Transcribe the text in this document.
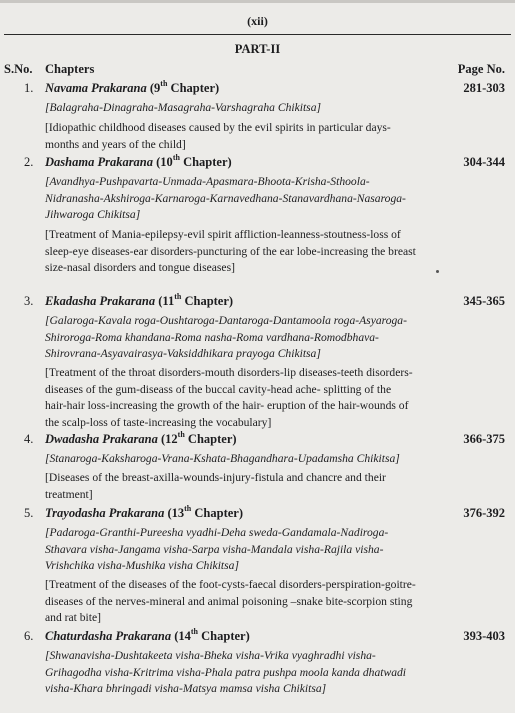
(xii)
PART-II
S.No. Chapters	Page No.
1. Navama Prakarana (9th Chapter)	281-303
[Balagraha-Dinagraha-Masagraha-Varshagraha Chikitsa]
[Idiopathic childhood diseases caused by the evil spirits in particular days-
months and years of the child]
2. Dashama Prakarana (10th Chapter)	304-344
[Avandhya-Pushpavarta-Unmada-Apasmara-Bhoota-Krisha-Sthoola-
Nidranasha-Akshiroga-Karnaroga-Karnavedhana-Stanavardhana-Nasaroga-
Jihwaroga Chikitsa]
[Treatment of Mania-epilepsy-evil spirit affliction-leanness-stoutness-loss of
sleep-eye diseases-ear disorders-puncturing of the ear lobe-increasing the breast
size-nasal disorders and tongue diseases]
3. Ekadasha Prakarana (11th Chapter)	345-365
[Galaroga-Kavala roga-Oushtaroga-Dantaroga-Dantamoola roga-Asyaroga-
Shiroroga-Roma khandana-Roma nasha-Roma vardhana-Romodbhava-
Shirovrana-Asyavairasya-Vaksiddhikara prayoga Chikitsa]
[Treatment of the throat disorders-mouth disorders-lip diseases-teeth disorders-
diseases of the gum-diseass of the buccal cavity-head ache- splitting of the
hair-hair loss-increasing the growth of the hair- eruption of the hair-wounds of
the scalp-loss of taste-increasing the vocabulary]
4. Dwadasha Prakarana (12th Chapter)	366-375
[Stanaroga-Kaksharoga-Vrana-Kshata-Bhagandhara-Upadamsha Chikitsa]
[Diseases of the breast-axilla-wounds-injury-fistula and chancre and their
treatment]
5. Trayodasha Prakarana (13th Chapter)	376-392
[Padaroga-Granthi-Pureesha vyadhi-Deha sweda-Gandamala-Nadiroga-
Sthavara visha-Jangama visha-Sarpa visha-Mandala visha-Rajila visha-
Vrishchika visha-Mushika visha Chikitsa]
[Treatment of the diseases of the foot-cysts-faecal disorders-perspiration-goitre-
diseases of the nerves-mineral and animal poisoning –snake bite-scorpion sting
and rat bite]
6. Chaturdasha Prakarana (14th Chapter)	393-403
[Shwanavisha-Dushtakeeta visha-Bheka visha-Vrika vyaghradhi visha-
Grihagodha visha-Kritrima visha-Phala patra pushpa moola kanda dhatwadi
visha-Khara bhringadi visha-Matsya mamsa visha Chikitsa]
